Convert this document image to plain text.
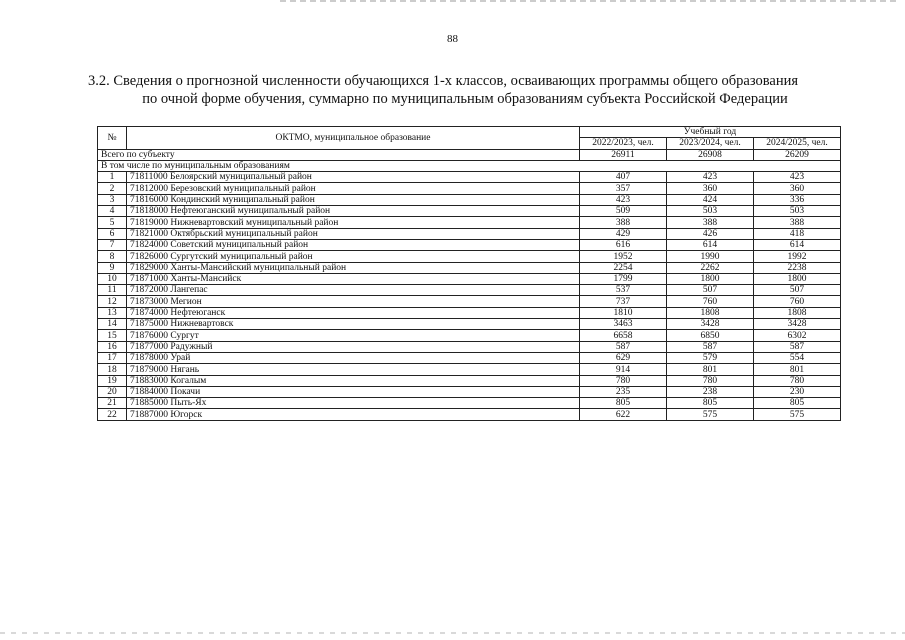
88
3.2. Сведения о прогнозной численности обучающихся 1-х классов, осваивающих программы общего образования
по очной форме обучения, суммарно по муниципальным образованиям субъекта Российской Федерации
№	ОКТМО, муниципальное образование	Учебный год		
		2022/2023, чел.	2023/2024, чел.	2024/2025, чел.
Всего по субъекту		26911	26908	26209
В том числе по муниципальным образованиям				
1	71811000 Белоярский муниципальный район	407	423	423
2	71812000 Березовский муниципальный район	357	360	360
3	71816000 Кондинский муниципальный район	423	424	336
4	71818000 Нефтеюганский муниципальный район	509	503	503
5	71819000 Нижневартовский муниципальный район	388	388	388
6	71821000 Октябрьский муниципальный район	429	426	418
7	71824000 Советский муниципальный район	616	614	614
8	71826000 Сургутский муниципальный район	1952	1990	1992
9	71829000 Ханты-Мансийский муниципальный район	2254	2262	2238
10	71871000 Ханты-Мансийск	1799	1800	1800
11	71872000 Лангепас	537	507	507
12	71873000 Мегион	737	760	760
13	71874000 Нефтеюганск	1810	1808	1808
14	71875000 Нижневартовск	3463	3428	3428
15	71876000 Сургут	6658	6850	6302
16	71877000 Радужный	587	587	587
17	71878000 Урай	629	579	554
18	71879000 Нягань	914	801	801
19	71883000 Когалым	780	780	780
20	71884000 Покачи	235	238	230
21	71885000 Пыть-Ях	805	805	805
22	71887000 Югорск	622	575	575
